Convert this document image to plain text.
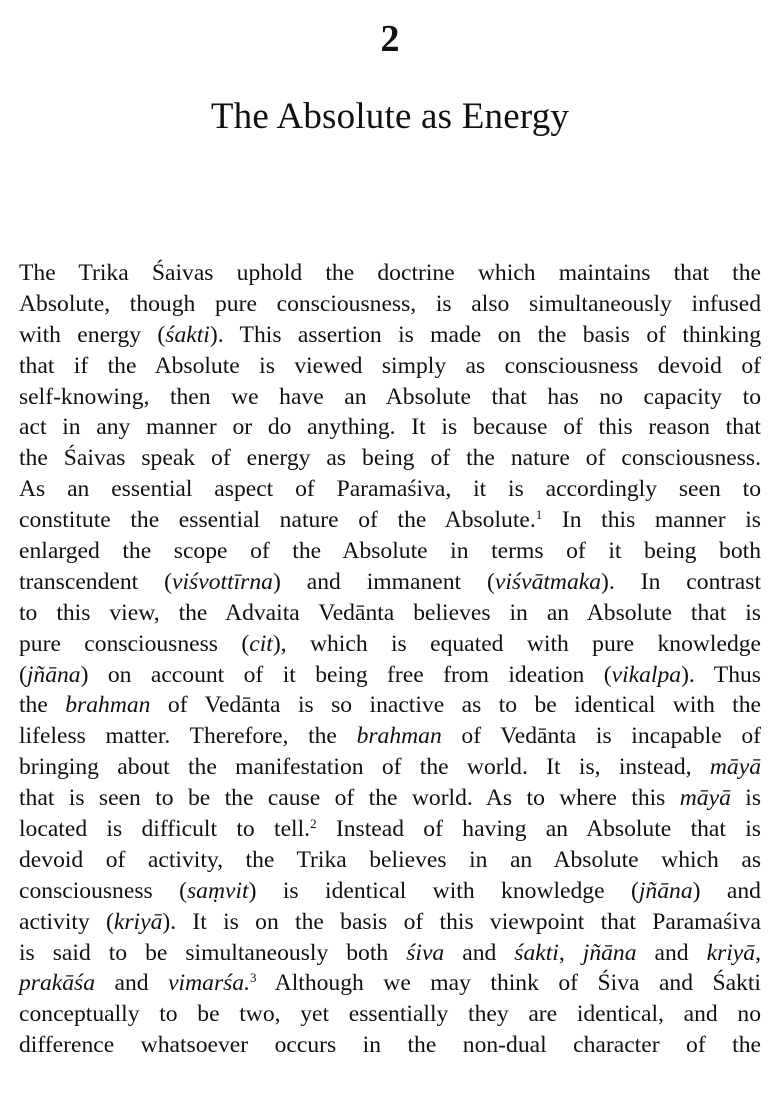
2
The Absolute as Energy
The Trika Śaivas uphold the doctrine which maintains that the
Absolute, though pure consciousness, is also simultaneously infused
with energy (śakti). This assertion is made on the basis of thinking
that if the Absolute is viewed simply as consciousness devoid of
self-knowing, then we have an Absolute that has no capacity to
act in any manner or do anything. It is because of this reason that
the Śaivas speak of energy as being of the nature of consciousness.
As an essential aspect of Paramaśiva, it is accordingly seen to
constitute the essential nature of the Absolute.$^1$ In this manner is
enlarged the scope of the Absolute in terms of it being both
transcendent (viśvottīrna) and immanent (viśvātmaka). In contrast
to this view, the Advaita Vedānta believes in an Absolute that is
pure consciousness (cit), which is equated with pure knowledge
(jñāna) on account of it being free from ideation (vikalpa). Thus
the brahman of Vedānta is so inactive as to be identical with the
lifeless matter. Therefore, the brahman of Vedānta is incapable of
bringing about the manifestation of the world. It is, instead, māyā
that is seen to be the cause of the world. As to where this māyā is
located is difficult to tell.$^2$ Instead of having an Absolute that is
devoid of activity, the Trika believes in an Absolute which as
consciousness (saṃvit) is identical with knowledge (jñāna) and
activity (kriyā). It is on the basis of this viewpoint that Paramaśiva
is said to be simultaneously both śiva and śakti, jñāna and kriyā,
prakāśa and vimarśa.$^3$ Although we may think of Śiva and Śakti
conceptually to be two, yet essentially they are identical, and no
difference whatsoever occurs in the non-dual character of the
